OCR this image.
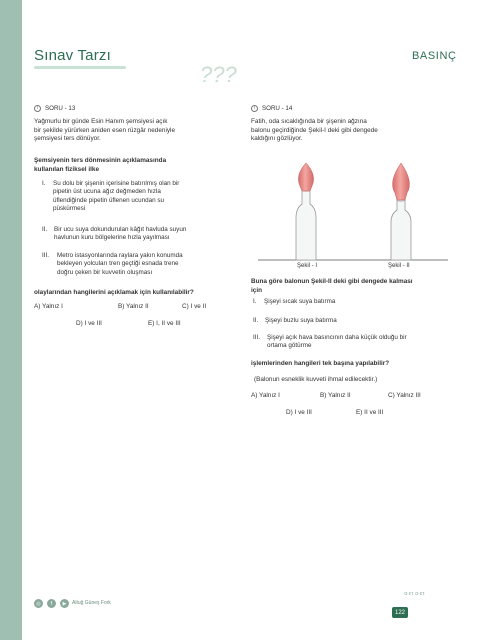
Sınav Tarzı	BASINÇ
???
i	SORU - 13
Yağmurlu bir günde Esin Hanım şemsiyesi açık
bir şekilde yürürken aniden esen rüzgâr nedeniyle
şemsiyesi ters dönüyor.
Şemsiyenin ters dönmesinin açıklamasında
kullanılan fiziksel ilke
I.	Su dolu bir şişenin içerisine batırılmış olan bir
pipetin üst ucuna ağız değmeden hızla
üflendiğinde pipetin üflenen ucundan su
püskürmesi
II.	Bir ucu suya dokundurulan kâğıt havluda suyun
havlunun kuru bölgelerine hızla yayılması
III.	Metro istasyonlarında raylara yakın konumda
bekleyen yolcuları tren geçtiği esnada trene
doğru çeken bir kuvvetin oluşması
olaylarından hangilerini açıklamak için kullanılabilir?
A) Yalnız I	B) Yalnız II	C) I ve II
D) I ve III	E) I, II ve III
i	SORU - 14
Fatih, oda sıcaklığında bir şişenin ağzına
balonu geçirdiğinde Şekil-I deki gibi dengede
kaldığını gözlüyor.
Şekil - I	Şekil - II
Buna göre balonun Şekil-II deki gibi dengede kalması
için
I.	Şişeyi sıcak suya batırma
II.	Şişeyi buzlu suya batırma
III.	Şişeyi açık hava basıncının daha küçük olduğu bir
ortama götürme
işlemlerinden hangileri tek başına yapılabilir?
(Balonun esneklik kuvveti ihmal edilecektir.)
A) Yalnız I	B) Yalnız II	C) Yalnız III
D) I ve III	E) II ve III
◎	f	▶	Altuğ Güneş Fork
13-D 14-D
122
